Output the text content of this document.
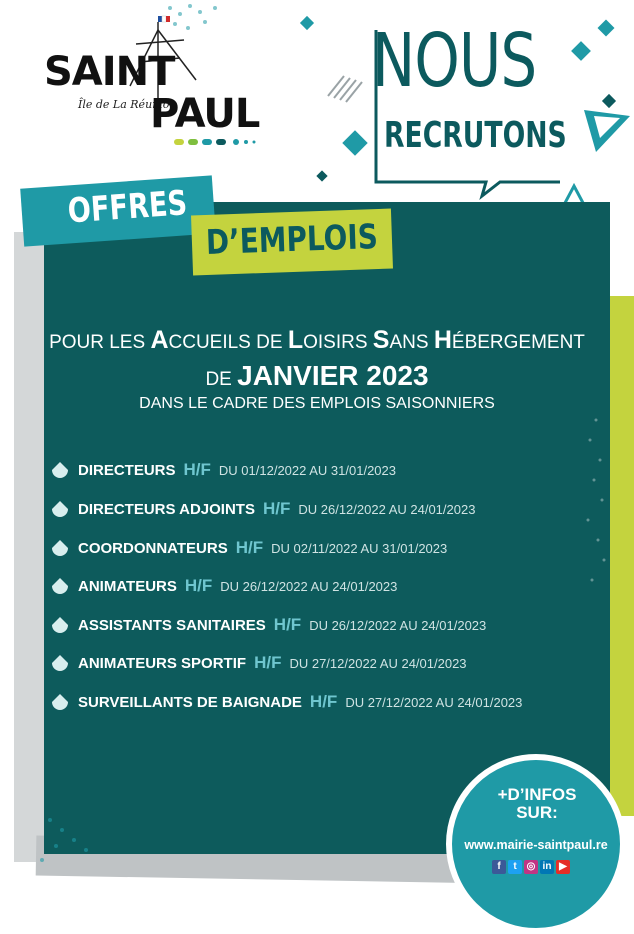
SAINT
Île de La Réunion
PAUL
NOUS
RECRUTONS
OFFRES
D’EMPLOIS
POUR LES ACCUEILS DE LOISIRS SANS HÉBERGEMENT
DE JANVIER 2023
DANS LE CADRE DES EMPLOIS SAISONNIERS
DIRECTEURS H/F DU 01/12/2022 AU 31/01/2023
DIRECTEURS ADJOINTS H/F DU 26/12/2022 AU 24/01/2023
COORDONNATEURS H/F DU 02/11/2022 AU 31/01/2023
ANIMATEURS H/F DU 26/12/2022 AU 24/01/2023
ASSISTANTS SANITAIRES H/F DU 26/12/2022 AU 24/01/2023
ANIMATEURS SPORTIF H/F DU 27/12/2022 AU 24/01/2023
SURVEILLANTS DE BAIGNADE H/F DU 27/12/2022 AU 24/01/2023
+D’INFOS
SUR:
www.mairie-saintpaul.re
f	t ◎ in ▶
